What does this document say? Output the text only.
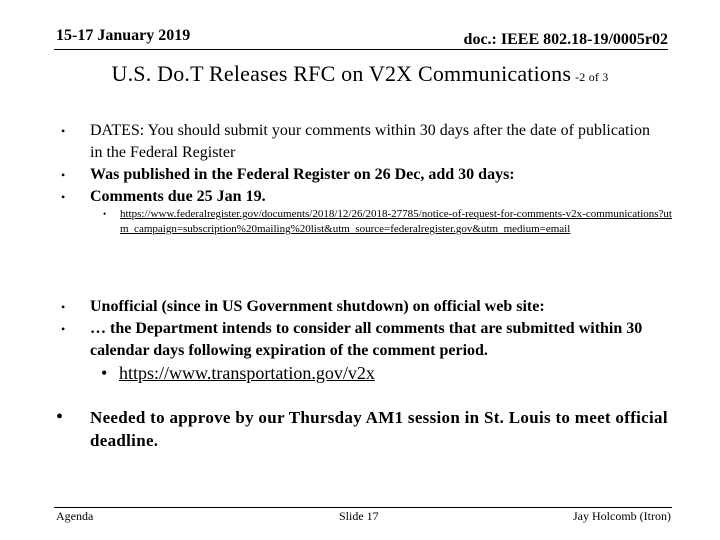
15-17 January 2019	doc.: IEEE 802.18-19/0005r02
U.S. Do.T Releases RFC on V2X Communications -2 of 3
• DATES: You should submit your comments within 30 days after the date of publication in the Federal Register
• Was published in the Federal Register on 26 Dec, add 30 days:
• Comments due 25 Jan 19.
• https://www.federalregister.gov/documents/2018/12/26/2018-27785/notice-of-request-for-comments-v2x-communications?utm_campaign=subscription%20mailing%20list&utm_source=federalregister.gov&utm_medium=email
• Unofficial (since in US Government shutdown) on official web site:
• … the Department intends to consider all comments that are submitted within 30 calendar days following expiration of the comment period.
• https://www.transportation.gov/v2x
• Needed to approve by our Thursday AM1 session in St. Louis to meet official deadline.
Agenda	Slide 17	Jay Holcomb (Itron)
